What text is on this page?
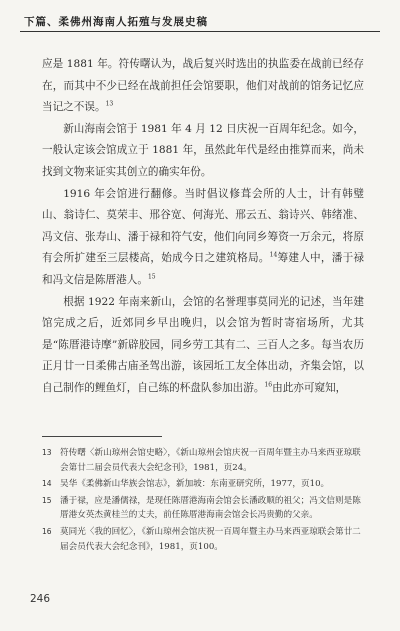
下篇、柔佛州海南人拓殖与发展史稿

应是 1881 年。符传曙认为，战后复兴时选出的执监委在战前已经存在，而其中不少已经在战前担任会馆要职，他们对战前的馆务记忆应当记之不误。$^{13}$

新山海南会馆于 1981 年 4 月 12 日庆祝一百周年纪念。如今，一般认定该会馆成立于 1881 年，虽然此年代是经由推算而来，尚未找到文物来证实其创立的确实年份。

1916 年会馆进行翻修。当时倡议修葺会所的人士，计有韩璧山、翁诗仁、莫荣丰、邢谷宽、何海光、邢云五、翁诗兴、韩绪准、冯文信、张寿山、潘于禄和符气安，他们向同乡筹资一万余元，将原有会所扩建至三层楼高，始成今日之建筑格局。$^{14}$筹建人中，潘于禄和冯文信是陈厝港人。$^{15}$

根据 1922 年南来新山，会馆的名誉理事莫同光的记述，当年建馆完成之后，近郊同乡早出晚归，以会馆为暂时寄宿场所，尤其是“陈厝港诗摩”新辟胶园，同乡劳工其有二、三百人之多。每当农历正月廿一日柔佛古庙圣驾出游，该园坵工友全体出动，齐集会馆，以自己制作的鲤鱼灯，自己练的杯盘队参加出游。$^{16}$由此亦可窥知，

13 符传曙〈新山琼州会馆史略〉，《新山琼州会馆庆祝一百周年暨主办马来西亚琼联会第廿二届会员代表大会纪念刊》，1981，页24。
14 吴华《柔佛新山华族会馆志》，新加坡：东南亚研究所，1977，页10。
15 潘于禄，应是潘儒禄，是现任陈厝港海南会馆会长潘政顺的祖父；冯文信则是陈厝港女英杰黄桂兰的丈夫，前任陈厝港海南会馆会长冯贵勤的父亲。
16 莫同光〈我的回忆〉，《新山琼州会馆庆祝一百周年暨主办马来西亚琼联会第廿二届会员代表大会纪念刊》，1981，页100。
246
